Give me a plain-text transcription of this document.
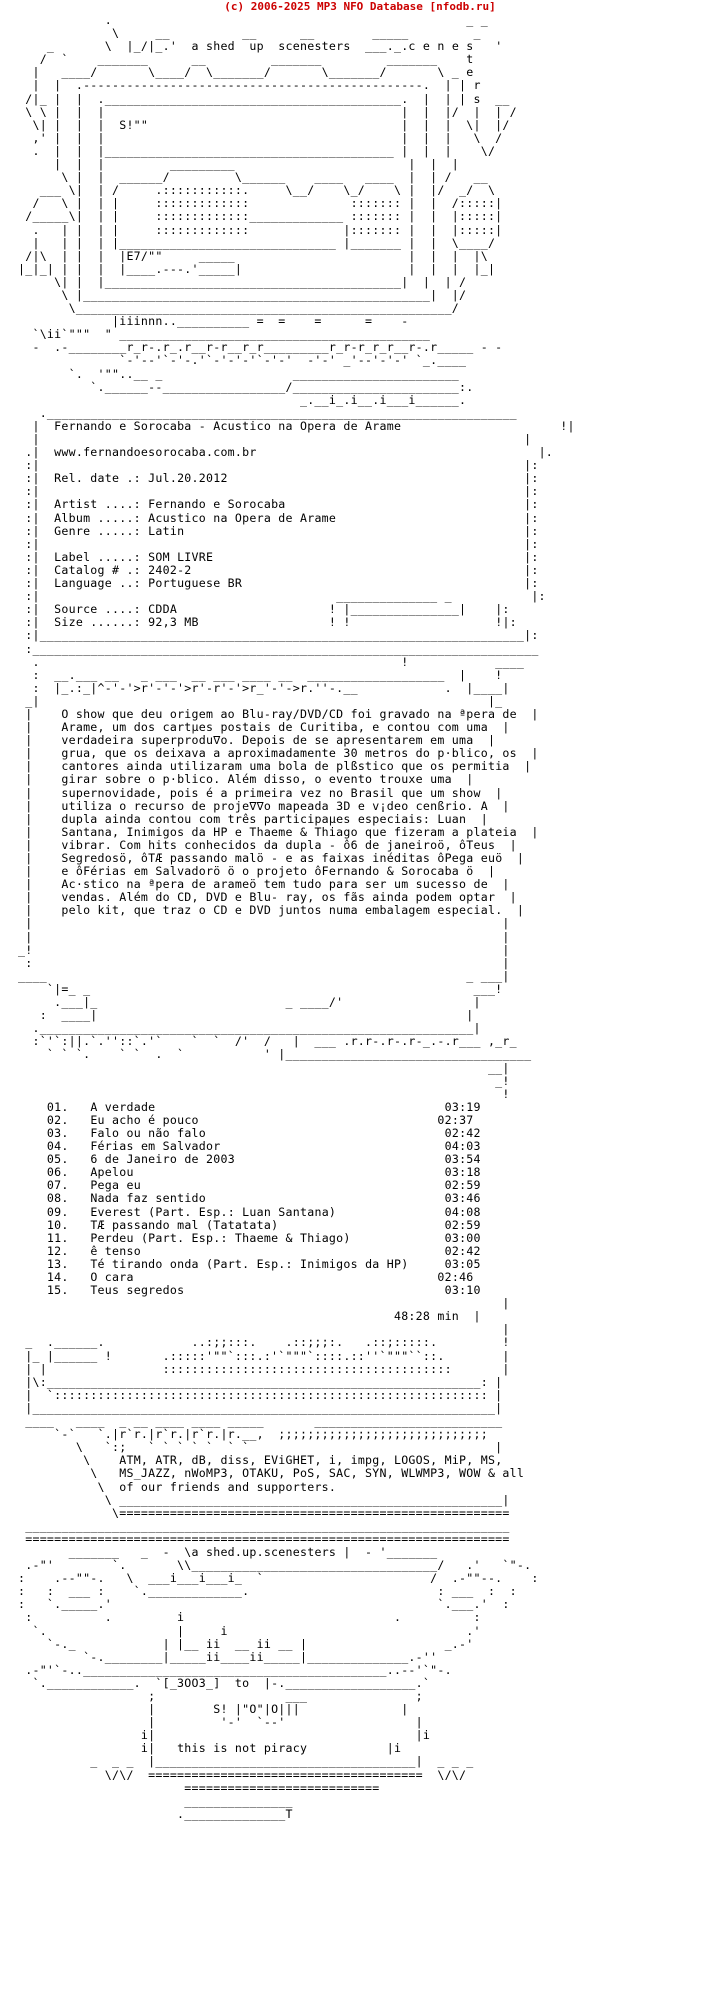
(c) 2006-2025 MP3 NFO Database [nfodb.ru]
.                                                 _ _
\     __          __      __        _____         _
_       \  |_/|_.'  a shed  up  scenesters  ___._.c e n e s   '
/  `    _______      __         _______         _______    t
|   ____/       \____/  \_______/       \_______/       \ _ e
|  |  .-----------------------------------------------.  | | r
/|_ |  |  ._________________________________________.  |  | | s  __
\ \ |  |  |                                         |  |  |/  |  | /
\| |  |  |  S!""                                   |  |  |  \|  |/
,' |  |  |                                         |  |  |   \  /
.  |  |  |________________________________________ |  |  |    \/
|  |  |         _________                        |  |  |
\ |  |  ______/         \______    ____   ____  |  | /   __
___ \|  | /     .:::::::::::.     \__/    \_/    \ |  |/  _/  \
/   \ |  | |     :::::::::::::              ::::::: |  |  /:::::|
/_____\|  | |     :::::::::::::_____________ ::::::: |  |  |:::::|
.   | |  | |     :::::::::::::             |::::::: |  |  |:::::|
|   | |  | |______________________________ |_______ |  |  \____/
/|\  | |  |  |E7/""     _____                        |  |  |  |\
|_|_| | |  |  |____.---.'_____|                       |  |  |  |_|
\| |  |_________________________________________|  |  | /
\ |________________________________________________|  |/
\____________________________________________________/
|iiinnn..__________ =  =    =      =    -
`\ii`"""  " ___________________________________________
-  .-________r_r-.r_.r__r-r__r_r_________r_r-r_r_r__r-.r_____ - -
`-'--'`-'-.'`-'-'-'`-'-'  -'-' _'--'-'-' `_.____
`.  '""..__ _                  _______________________
`.______--_________________/_______________________:.
_.__i_.i__.i___i______.
._________________________________________________________________
|  Fernando e Sorocaba - Acustico na Opera de Arame	!|
|                                                                   |
.|  www.fernandoesorocaba.com.br	|.
:|                                                                   |:
:|  Rel. date .: Jul.20.2012	|:
:|                                                                   |:
:|  Artist ....: Fernando e Sorocaba	|:
:|  Album .....: Acustico na Opera de Arame	|:
:|  Genre .....: Latin	|:
:|                                                                   |:
:|  Label .....: SOM LIVRE	|:
:|  Catalog # .: 2402-2	|:
:|  Language ..: Portuguese BR	|:
:|                                         ______________ _           |:
:|  Source ....: CDDA	! |_______________|    |:
:|  Size ......: 92,3 MB	! !                    !|:
:|___________________________________________________________________|:
:______________________________________________________________________
.                                                  !            ____
:  __.___ __   _ ___  __ ___ ____ __  ___________________  |    !
:  |_.:_|^-'-'>r'-'-'>r'-r'-'>r_'-'->r.''-.__            .  |____|
_|                                                              |_
|    O show que deu origem ao Blu-ray/DVD/CD foi gravado na ªpera de  |
|    Arame, um dos cartµes postais de Curitiba, e contou com uma  |
|    verdadeira superprodu∇o. Depois de se apresentarem em uma  |
|    grua, que os deixava a aproximadamente 30 metros do p·blico, os  |
|    cantores ainda utilizaram uma bola de plßstico que os permitia  |
|    girar sobre o p·blico. Além disso, o evento trouxe uma  |
|    supernovidade, pois é a primeira vez no Brasil que um show  |
|    utiliza o recurso de proje∇∇o mapeada 3D e v¡deo cenßrio. A  |
|    dupla ainda contou com três participaµes especiais: Luan  |
|    Santana, Inimigos da HP e Thaeme & Thiago que fizeram a plateia  |
|    vibrar. Com hits conhecidos da dupla - ô6 de janeiroö, ôTeus  |
|    Segredosö, ôTÆ passando malö - e as faixas inéditas ôPega euö  |
|    e ôFérias em Salvadorö ö o projeto ôFernando & Sorocaba ö  |
|    Ac·stico na ªpera de arameö tem tudo para ser um sucesso de  |
|    vendas. Além do CD, DVD e Blu- ray, os fãs ainda podem optar  |
|    pelo kit, que traz o CD e DVD juntos numa embalagem especial.  |
|                                                                 |
|                                                                 |
_!                                                                 |
:                                                                 |
____                                                          _ ___|
`|=_ _                                                     ___!
.___|_                          _ ____/'                  |
:  ____|                                                   |
.____________________________________________________________|
:`'`:||.`.''::`.'`    `  `  /'  /   |  ___ .r.r-.r-.r-_.-.r___ ,_r_
` ` `.    ` `  .  `           ' |__________________________________
__|
_!
!
01. A verdade	03:19
02. Eu acho é pouco	02:37
03. Falo ou não falo	02:42
04. Férias em Salvador	04:03
05. 6 de Janeiro de 2003	03:54
06. Apelou	03:18
07. Pega eu	02:59
08. Nada faz sentido	03:46
09. Everest (Part. Esp.: Luan Santana)	04:08
10. TÆ passando mal (Tatatata)	02:59
11. Perdeu (Part. Esp.: Thaeme & Thiago)	03:00
12. ê tenso	02:42
13. Té tirando onda (Part. Esp.: Inimigos da HP)	03:05
14. O cara	02:46
15. Teus segredos	03:10
|
48:28 min  |
|
_  .______.            ..:;;:::.    .::;;;:.   .::;:::::.         !
|_ |______ !       .:::::'""`:::.:'`"""`::::.::''`"""``::.        |
| |                ::::::::::::::::::::::::::::::::::::::::       |
|\:____________________________________________________________: |
|  `:::::::::::::::::::::::::::::::::::::::::::::::::::::::::::: |
|________________________________________________________________|
____   ____  _ __ ____ ____ _____       __________________________
`-`   `.|r`r.|r`r.|r`r.|r.__,  ;;;;;;;;;;;;;;;;;;;;;;;;;;;;;
\   `:;   ` ` ` ` `  ` `                                  |
\    ATM, ATR, dB, diss, EViGHET, i, impg, LOGOS, MiP, MS,
\   MS_JAZZ, nWoMP3, OTAKU, PoS, SAC, SYN, WLWMP3, WOW & all
\  of our friends and supporters.
\ _____________________________________________________|
\======================================================
___________________________________________________________________
===================================================================
_______   _  -  \a shed.up.scenesters |  - '_______
.-"'        `.       \\__________________________________/   .'   `"-.
:    .--""-.   \  ___i___i___i_  `                       /  .-""--.    :
:   :  ___ :    `._____________.                          : ___  :  :
:   `._____.'                                             `.___.'  :
:          .         i                             .          :
`.                  |     i                                 .'
`-._            | |__ ii  __ ii __ |                   _.-'
`-.________|_____ii____ii_____|______________.-''
.-"'`-..__________________________________________..--'`"-.
`.____________.  `[_3OO3_]  to  |-.__________________.`
;                  ___               ;
|	S! |"O"|O|||              |
|         '-'  `--'                  |
i|                                    |i
i|   this is not piracy	|i
_  _ _  |____________________________________|  _ _ _
\/\/  ======================================  \/\/
===========================
_______________
.______________T
